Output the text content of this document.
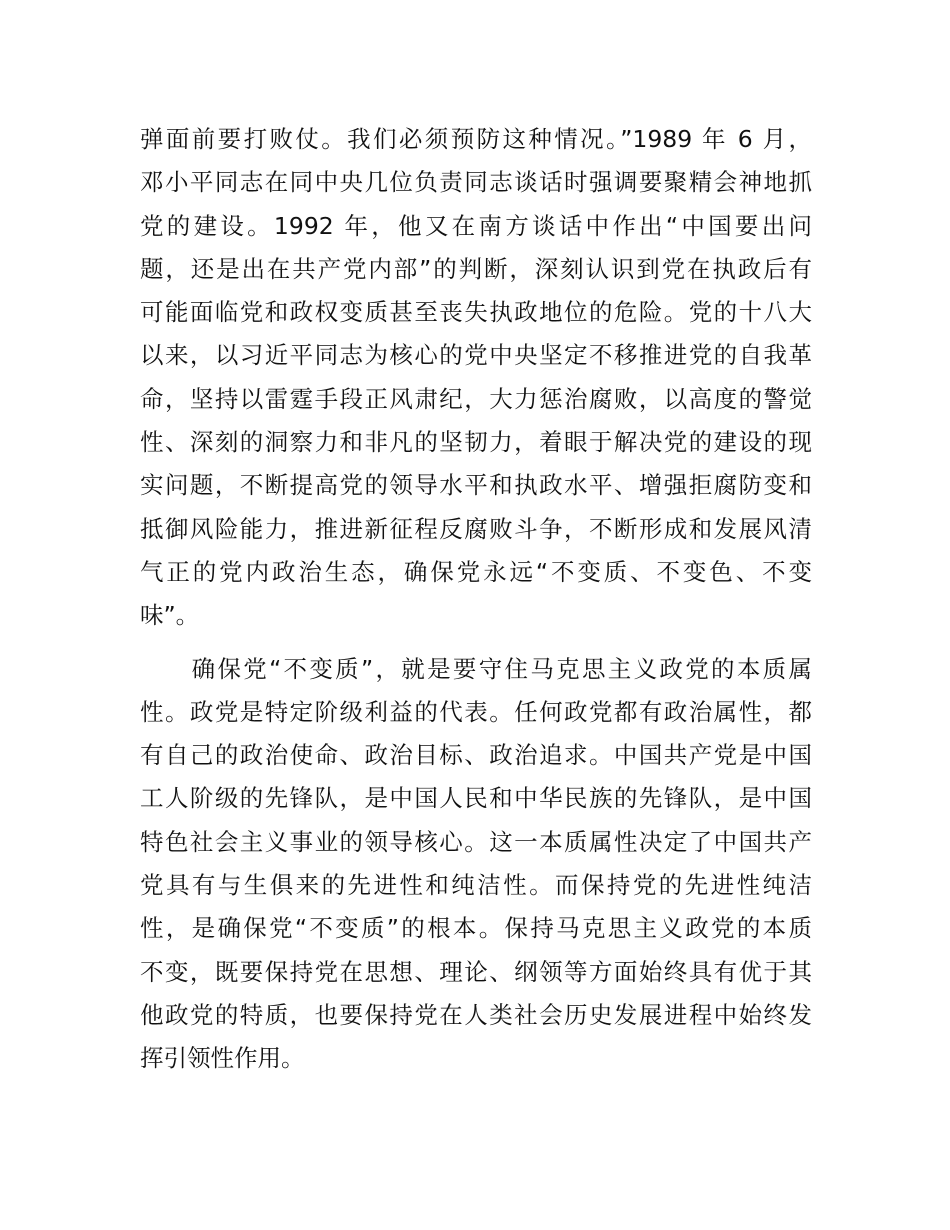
弹面前要打败仗。我们必须预防这种情况。”1989 年 6 月，
邓小平同志在同中央几位负责同志谈话时强调要聚精会神地抓
党的建设。1992 年，他又在南方谈话中作出“中国要出问
题，还是出在共产党内部”的判断，深刻认识到党在执政后有
可能面临党和政权变质甚至丧失执政地位的危险。党的十八大
以来，以习近平同志为核心的党中央坚定不移推进党的自我革
命，坚持以雷霆手段正风肃纪，大力惩治腐败，以高度的警觉
性、深刻的洞察力和非凡的坚韧力，着眼于解决党的建设的现
实问题，不断提高党的领导水平和执政水平、增强拒腐防变和
抵御风险能力，推进新征程反腐败斗争，不断形成和发展风清
气正的党内政治生态，确保党永远“不变质、不变色、不变
味”。
　　确保党“不变质”，就是要守住马克思主义政党的本质属
性。政党是特定阶级利益的代表。任何政党都有政治属性，都
有自己的政治使命、政治目标、政治追求。中国共产党是中国
工人阶级的先锋队，是中国人民和中华民族的先锋队，是中国
特色社会主义事业的领导核心。这一本质属性决定了中国共产
党具有与生俱来的先进性和纯洁性。而保持党的先进性纯洁
性，是确保党“不变质”的根本。保持马克思主义政党的本质
不变，既要保持党在思想、理论、纲领等方面始终具有优于其
他政党的特质，也要保持党在人类社会历史发展进程中始终发
挥引领性作用。
